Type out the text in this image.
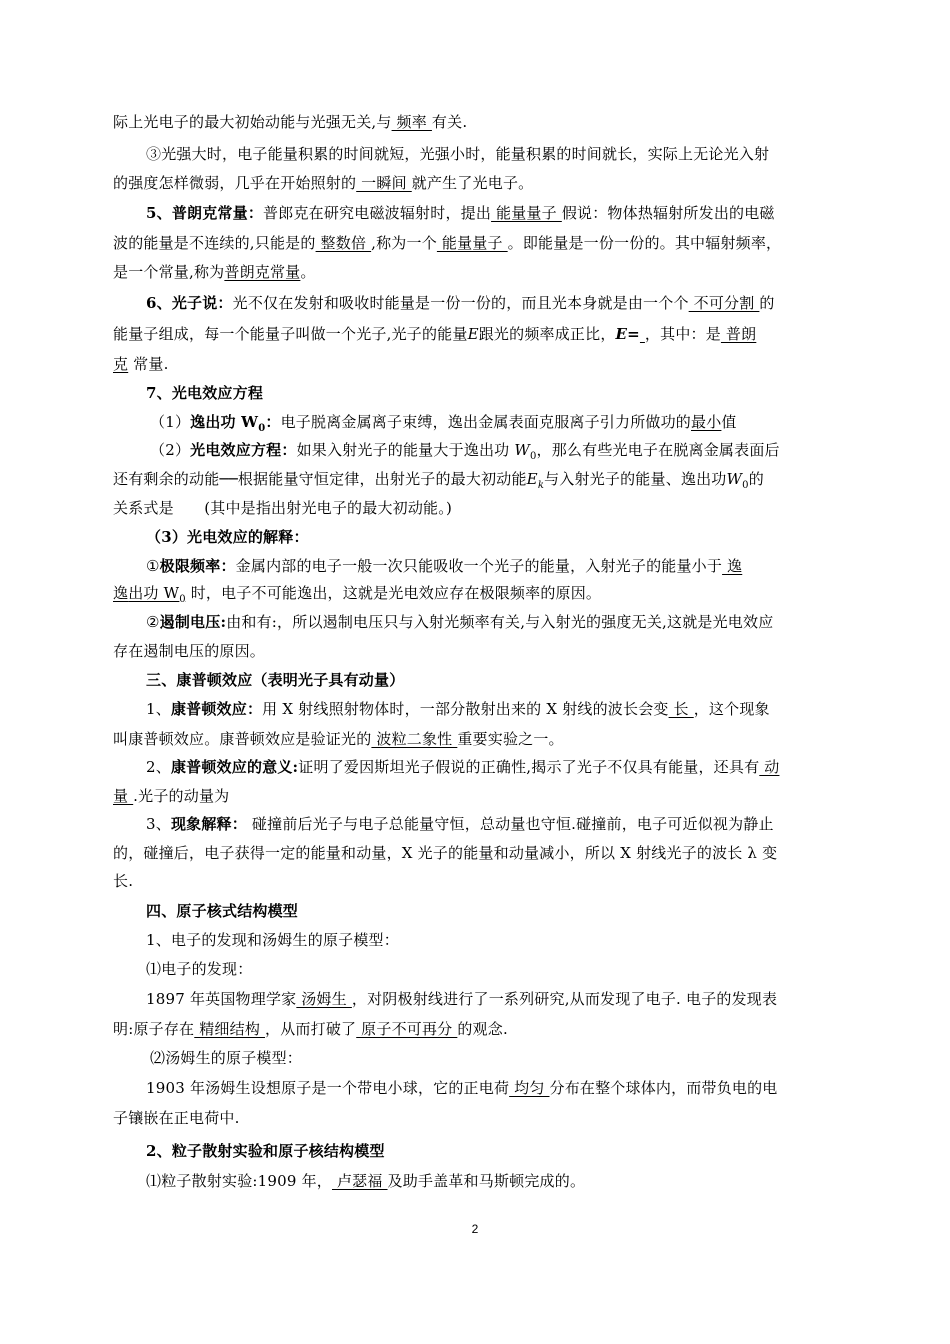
际上光电子的最大初始动能与光强无关,与 频率 有关.
③光强大时，电子能量积累的时间就短，光强小时，能量积累的时间就长，实际上无论光入射
的强度怎样微弱，几乎在开始照射的 一瞬间 就产生了光电子。
5、普朗克常量：普郎克在研究电磁波辐射时，提出 能量量子 假说：物体热辐射所发出的电磁
波的能量是不连续的,只能是的 整数倍 ,称为一个 能量量子 。即能量是一份一份的。其中辐射频率，
是一个常量,称为普朗克常量。
6、光子说：光不仅在发射和吸收时能量是一份一份的，而且光本身就是由一个个 不可分割 的
能量子组成，每一个能量子叫做一个光子,光子的能量E跟光的频率成正比，E= ，其中：是 普朗
克 常量.
7、光电效应方程
（1）逸出功 $W_0$：电子脱离金属离子束缚，逸出金属表面克服离子引力所做功的最小值
（2）光电效应方程：如果入射光子的能量大于逸出功 $W_0$，那么有些光电子在脱离金属表面后
还有剩余的动能──根据能量守恒定律，出射光子的最大初动能$E_k$与入射光子的能量、逸出功$W_0$的
关系式是　　(其中是指出射光电子的最大初动能。)
（3）光电效应的解释：
①极限频率：金属内部的电子一般一次只能吸收一个光子的能量，入射光子的能量小于 逸
逸出功 $W_0$ 时，电子不可能逸出，这就是光电效应存在极限频率的原因。
②遏制电压:由和有:，所以遏制电压只与入射光频率有关,与入射光的强度无关,这就是光电效应
存在遏制电压的原因。
三、康普顿效应（表明光子具有动量）
1、康普顿效应：用 X 射线照射物体时，一部分散射出来的 X 射线的波长会变 长 ，这个现象
叫康普顿效应。康普顿效应是验证光的 波粒二象性 重要实验之一。
2、康普顿效应的意义:证明了爱因斯坦光子假说的正确性,揭示了光子不仅具有能量，还具有 动
量 .光子的动量为
3、现象解释： 碰撞前后光子与电子总能量守恒，总动量也守恒.碰撞前，电子可近似视为静止
的，碰撞后，电子获得一定的能量和动量，X 光子的能量和动量减小，所以 X 射线光子的波长 λ 变
长.
四、原子核式结构模型
1、电子的发现和汤姆生的原子模型：
⑴电子的发现：
1897 年英国物理学家 汤姆生 ，对阴极射线进行了一系列研究,从而发现了电子. 电子的发现表
明:原子存在 精细结构 ，从而打破了 原子不可再分 的观念.
⑵汤姆生的原子模型：
1903 年汤姆生设想原子是一个带电小球，它的正电荷 均匀 分布在整个球体内，而带负电的电
子镶嵌在正电荷中.
2、粒子散射实验和原子核结构模型
⑴粒子散射实验:1909 年， 卢瑟福 及助手盖革和马斯顿完成的。
2
